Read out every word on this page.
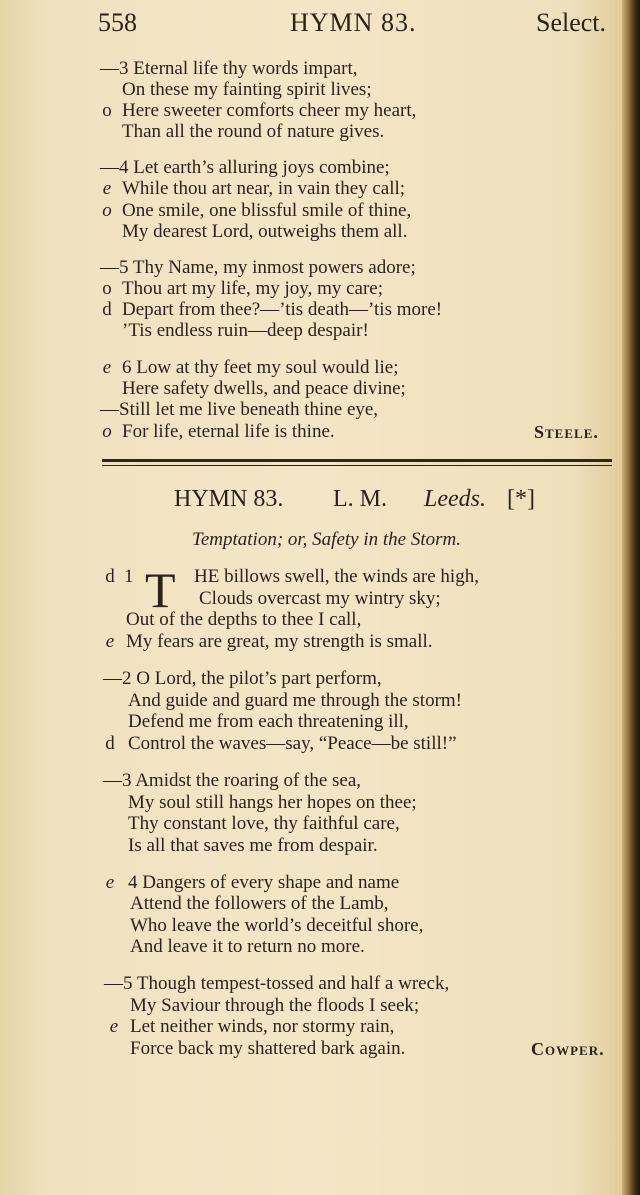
558	HYMN 83.	Select.
—3 Eternal life thy words impart,
On these my fainting spirit lives;
o Here sweeter comforts cheer my heart,
Than all the round of nature gives.
—4 Let earth’s alluring joys combine;
e While thou art near, in vain they call;
o One smile, one blissful smile of thine,
My dearest Lord, outweighs them all.
—5 Thy Name, my inmost powers adore;
o Thou art my life, my joy, my care;
d Depart from thee?—’tis death—’tis more!
’Tis endless ruin—deep despair!
e 6 Low at thy feet my soul would lie;
Here safety dwells, and peace divine;
—Still let me live beneath thine eye,
o For life, eternal life is thine.	Steele.
HYMN 83. L. M. Leeds. [*]
Temptation; or, Safety in the Storm.
d 1	HE billows swell, the winds are high,
T Clouds overcast my wintry sky;
Out of the depths to thee I call,
e My fears are great, my strength is small.
—2 O Lord, the pilot’s part perform,
And guide and guard me through the storm!
Defend me from each threatening ill,
d Control the waves—say, “Peace—be still!”
—3 Amidst the roaring of the sea,
My soul still hangs her hopes on thee;
Thy constant love, thy faithful care,
Is all that saves me from despair.
e 4 Dangers of every shape and name
Attend the followers of the Lamb,
Who leave the world’s deceitful shore,
And leave it to return no more.
—5 Though tempest-tossed and half a wreck,
My Saviour through the floods I seek;
e Let neither winds, nor stormy rain,
Force back my shattered bark again.	Cowper.
